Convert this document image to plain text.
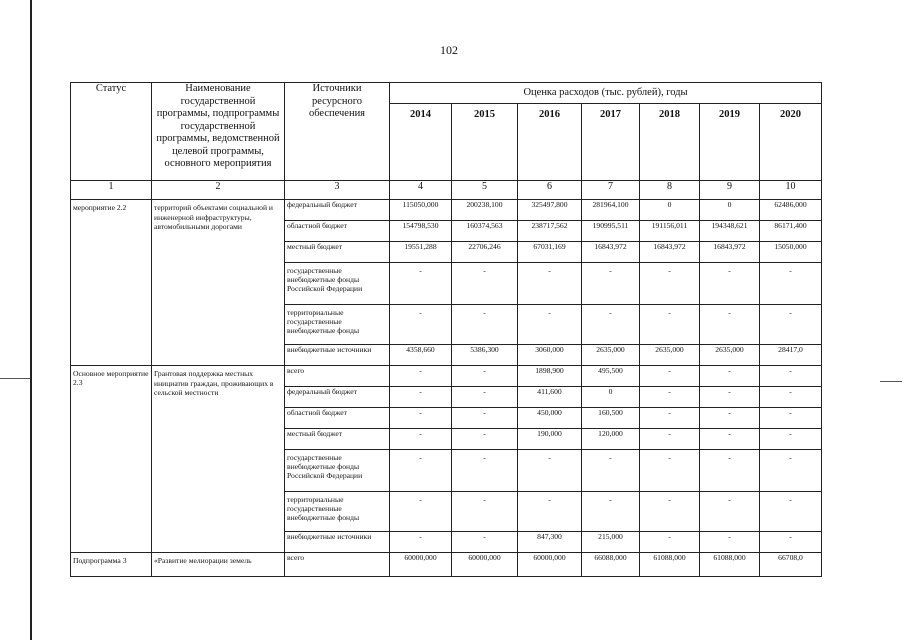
102
Статус	Наименование государственной программы, подпрограммы государственной программы, ведомственной целевой программы, основного мероприятия	Источники ресурсного обеспечения	Оценка расходов (тыс. рублей), годы						
			2014	2015	2016	2017	2018	2019	2020
1	2	3	4	5	6	7	8	9	10
мероприятие 2.2	территорий объектами социальной и инженерной инфраструктуры, автомобильными дорогами	федеральный бюджет	115050,000	200238,100	325497,800	281964,100	0	0	62486,000
		областной бюджет	154798,530	160374,563	238717,562	190995,511	191156,011	194348,621	86171,400
		местный бюджет	19551,288	22706,246	67031,169	16843,972	16843,972	16843,972	15050,000
		государственные внебюджетные фонды Российской Федерации	-	-	-	-	-	-	-
		территориальные государственные внебюджетные фонды	-	-	-	-	-	-	-
		внебюджетные источники	4358,660	5386,300	3060,000	2635,000	2635,000	2635,000	28417,0
Основное мероприятие 2.3	Грантовая поддержка местных инициатив граждан, проживающих в сельской местности	всего	-	-	1898,900	495,500	-	-	-
		федеральный бюджет	-	-	411,600	0	-	-	-
		областной бюджет	-	-	450,000	160,500	-	-	-
		местный бюджет	-	-	190,000	120,000	-	-	-
		государственные внебюджетные фонды Российской Федерации	-	-	-	-	-	-	-
		территориальные государственные внебюджетные фонды	-	-	-	-	-	-	-
		внебюджетные источники	-	-	847,300	215,000	-	-	-
Подпрограмма 3	«Развитие мелиорации земель	всего	60000,000	60000,000	60000,000	66088,000	61088,000	61088,000	66708,0
